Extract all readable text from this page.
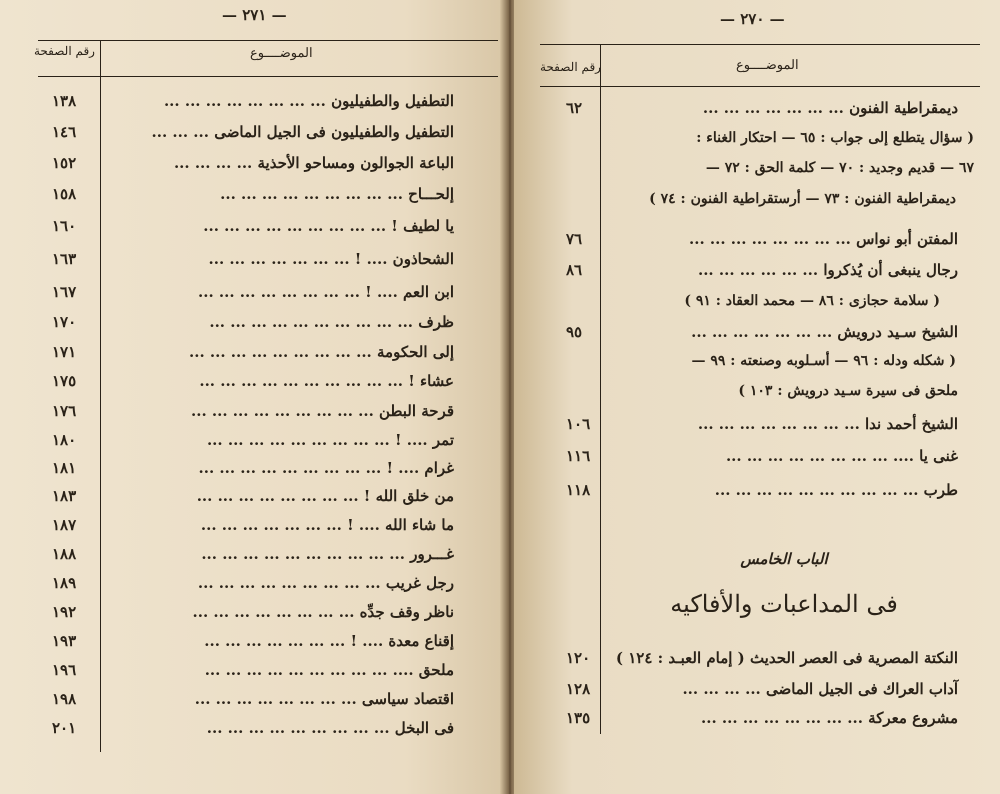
— ٢٧١ —
الموضــــوع
رقم الصفحة
التطفيل والطفيليون ... ... ... ... ... ... ... ...
١٣٨
التطفيل والطفيليون فى الجيل الماضى ... ... ...
١٤٦
الباعة الجوالون ومساحو الأحذية ... ... ... ...
١٥٢
إلحـــاح ... ... ... ... ... ... ... ... ...
١٥٨
يا لطيف ! ... ... ... ... ... ... ... ... ...
١٦٠
الشحاذون .... ! ... ... ... ... ... ... ...
١٦٣
ابن العم .... ! ... ... ... ... ... ... ... ...
١٦٧
ظرف ... ... ... ... ... ... ... ... ... ...
١٧٠
إلى الحكومة ... ... ... ... ... ... ... ... ...
١٧١
عشاء ! ... ... ... ... ... ... ... ... ... ...
١٧٥
قرحة البطن ... ... ... ... ... ... ... ... ...
١٧٦
تمر .... ! ... ... ... ... ... ... ... ... ...
١٨٠
غرام .... ! ... ... ... ... ... ... ... ... ...
١٨١
من خلق الله ! ... ... ... ... ... ... ... ...
١٨٣
ما شاء الله .... ! ... ... ... ... ... ... ...
١٨٧
غـــرور ... ... ... ... ... ... ... ... ... ...
١٨٨
رجل غريب ... ... ... ... ... ... ... ... ...
١٨٩
ناظر وقف جدِّه ... ... ... ... ... ... ... ...
١٩٢
إقناع معدة .... ! ... ... ... ... ... ... ...
١٩٣
ملحق .... ... ... ... ... ... ... ... ... ...
١٩٦
اقتصاد سياسى ... ... ... ... ... ... ... ...
١٩٨
فى البخل ... ... ... ... ... ... ... ... ...
٢٠١
— ٢٧٠ —
الموضــــوع
رقم الصفحة
ديمقراطية الفنون ... ... ... ... ... ... ...
٦٢
( سؤال يتطلع إلى جواب : ٦٥ — احتكار الغناء :
٦٧ — قديم وجديد : ٧٠ — كلمة الحق : ٧٢ —
ديمقراطية الفنون : ٧٣ — أرستقراطية الفنون : ٧٤ )
المفتن أبو نواس ... ... ... ... ... ... ... ...
٧٦
رجال ينبغى أن يُذكروا ... ... ... ... ... ...
٨٦
( سلامة حجازى : ٨٦ — محمد العقاد : ٩١ )
الشيخ سـيد درويش ... ... ... ... ... ... ...
٩٥
( شكله ودله : ٩٦ — أسـلوبه وصنعته : ٩٩ —
ملحق فى سيرة سـيد درويش : ١٠٣ )
الشيخ أحمد ندا ... ... ... ... ... ... ... ...
١٠٦
غنى يا .... ... ... ... ... ... ... ... ...
١١٦
طرب ... ... ... ... ... ... ... ... ... ...
١١٨
الباب الخامس
فى المداعبات والأفاكيه
النكتة المصرية فى العصر الحديث ( إمام العبـد : ١٢٤ )
١٢٠
آداب العراك فى الجيل الماضى ... ... ... ...
١٢٨
مشروع معركة ... ... ... ... ... ... ... ...
١٣٥
